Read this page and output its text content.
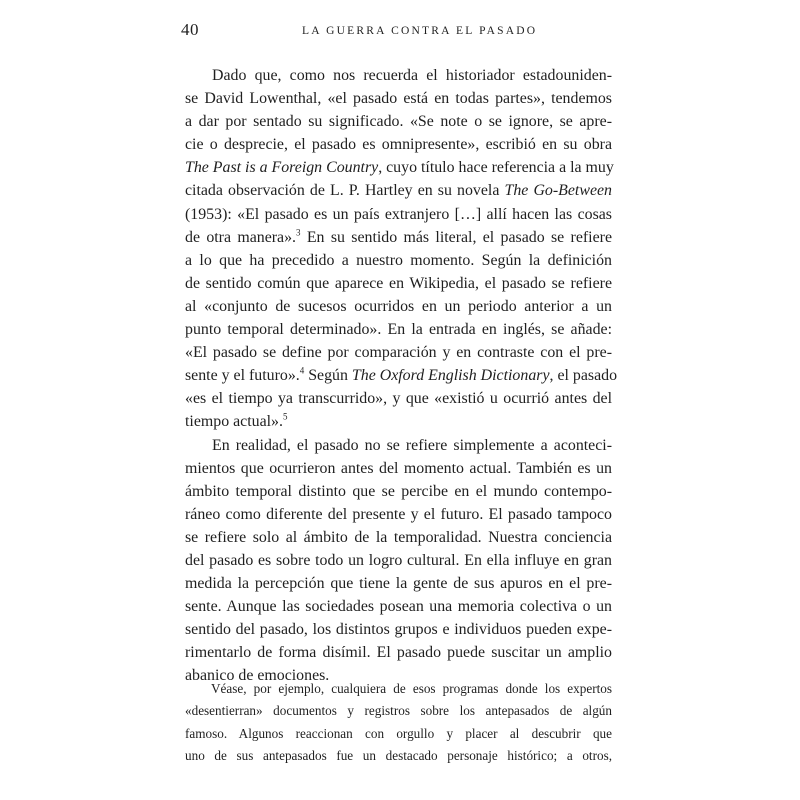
40	LA GUERRA CONTRA EL PASADO

Dado que, como nos recuerda el historiador estadouniden-
se David Lowenthal, «el pasado está en todas partes», tendemos
a dar por sentado su significado. «Se note o se ignore, se apre-
cie o desprecie, el pasado es omnipresente», escribió en su obra
The Past is a Foreign Country, cuyo título hace referencia a la muy
citada observación de L. P. Hartley en su novela The Go-Between
(1953): «El pasado es un país extranjero […] allí hacen las cosas
de otra manera».$^3$ En su sentido más literal, el pasado se refiere
a lo que ha precedido a nuestro momento. Según la definición
de sentido común que aparece en Wikipedia, el pasado se refiere
al «conjunto de sucesos ocurridos en un periodo anterior a un
punto temporal determinado». En la entrada en inglés, se añade:
«El pasado se define por comparación y en contraste con el pre-
sente y el futuro».$^4$ Según The Oxford English Dictionary, el pasado
«es el tiempo ya transcurrido», y que «existió u ocurrió antes del
tiempo actual».$^5$

En realidad, el pasado no se refiere simplemente a aconteci-
mientos que ocurrieron antes del momento actual. También es un
ámbito temporal distinto que se percibe en el mundo contempo-
ráneo como diferente del presente y el futuro. El pasado tampoco
se refiere solo al ámbito de la temporalidad. Nuestra conciencia
del pasado es sobre todo un logro cultural. En ella influye en gran
medida la percepción que tiene la gente de sus apuros en el pre-
sente. Aunque las sociedades posean una memoria colectiva o un
sentido del pasado, los distintos grupos e individuos pueden expe-
rimentarlo de forma disímil. El pasado puede suscitar un amplio
abanico de emociones.

Véase, por ejemplo, cualquiera de esos programas donde los expertos
«desentierran» documentos y registros sobre los antepasados de algún
famoso. Algunos reaccionan con orgullo y placer al descubrir que
uno de sus antepasados fue un destacado personaje histórico; a otros,
